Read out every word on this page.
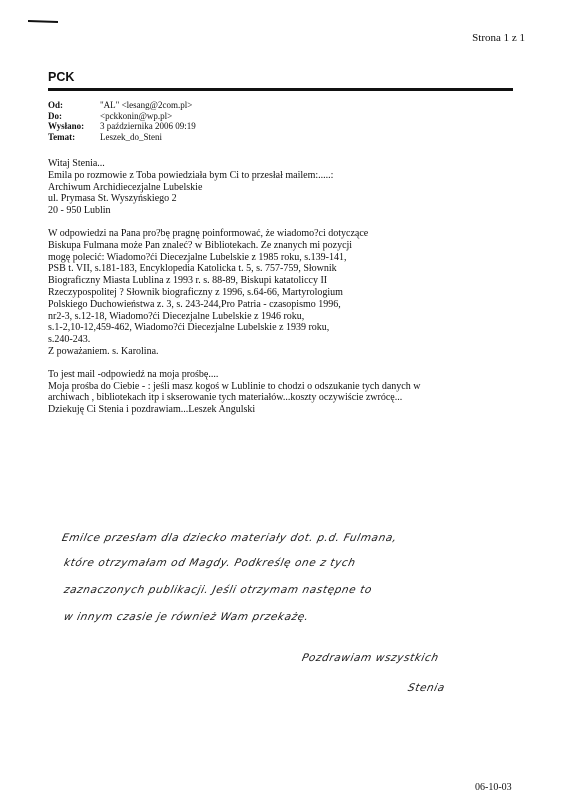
Strona 1 z 1
PCK
Od:	"AL" <lesang@2com.pl>
Do:	<pckkonin@wp.pl>
Wysłano:	3 października 2006 09:19
Temat:	Leszek_do_Steni

Witaj Stenia...

Emila po rozmowie z Toba powiedziała bym Ci to przesłał mailem:.....:

Archiwum Archidiecezjalne Lubelskie

ul. Prymasa St. Wyszyńskiego 2

20 - 950 Lublin

W odpowiedzi na Pana pro?bę pragnę poinformować, że wiadomo?ci dotyczące

Biskupa Fulmana może Pan znaleć? w Bibliotekach. Ze znanych mi pozycji

mogę polecić: Wiadomo?ći Diecezjalne Lubelskie z 1985 roku, s.139-141,

PSB t. VII, s.181-183, Encyklopedia Katolicka t. 5, s. 757-759, Słownik

Biograficzny Miasta Lublina z 1993 r. s. 88-89, Biskupi katatoliccy II

Rzeczypospolitej ? Słownik biograficzny z 1996, s.64-66, Martyrologium

Polskiego Duchowieństwa z. 3, s. 243-244,Pro Patria - czasopismo 1996,

nr2-3, s.12-18, Wiadomo?ći Diecezjalne Lubelskie z 1946 roku,

s.1-2,10-12,459-462, Wiadomo?ći Diecezjalne Lubelskie z 1939 roku,

s.240-243.

Z poważaniem. s. Karolina.

To jest mail -odpowiedź na moja prośbę....

Moja prośba do Ciebie - : jeśli masz kogoś w Lublinie to chodzi o odszukanie tych danych w

archiwach , bibliotekach itp i skserowanie tych materiałów...koszty oczywiście zwrócę...

Dziekuję Ci Stenia i pozdrawiam...Leszek Angulski

Emilce przesłam dla dziecko materiały dot. p.d. Fulmana,
które otrzymałam od Magdy. Podkreślę one z tych
zaznaczonych publikacji. Jeśli otrzymam następne to
w innym czasie je również Wam przekażę.
Pozdrawiam wszystkich
Stenia
06-10-03
